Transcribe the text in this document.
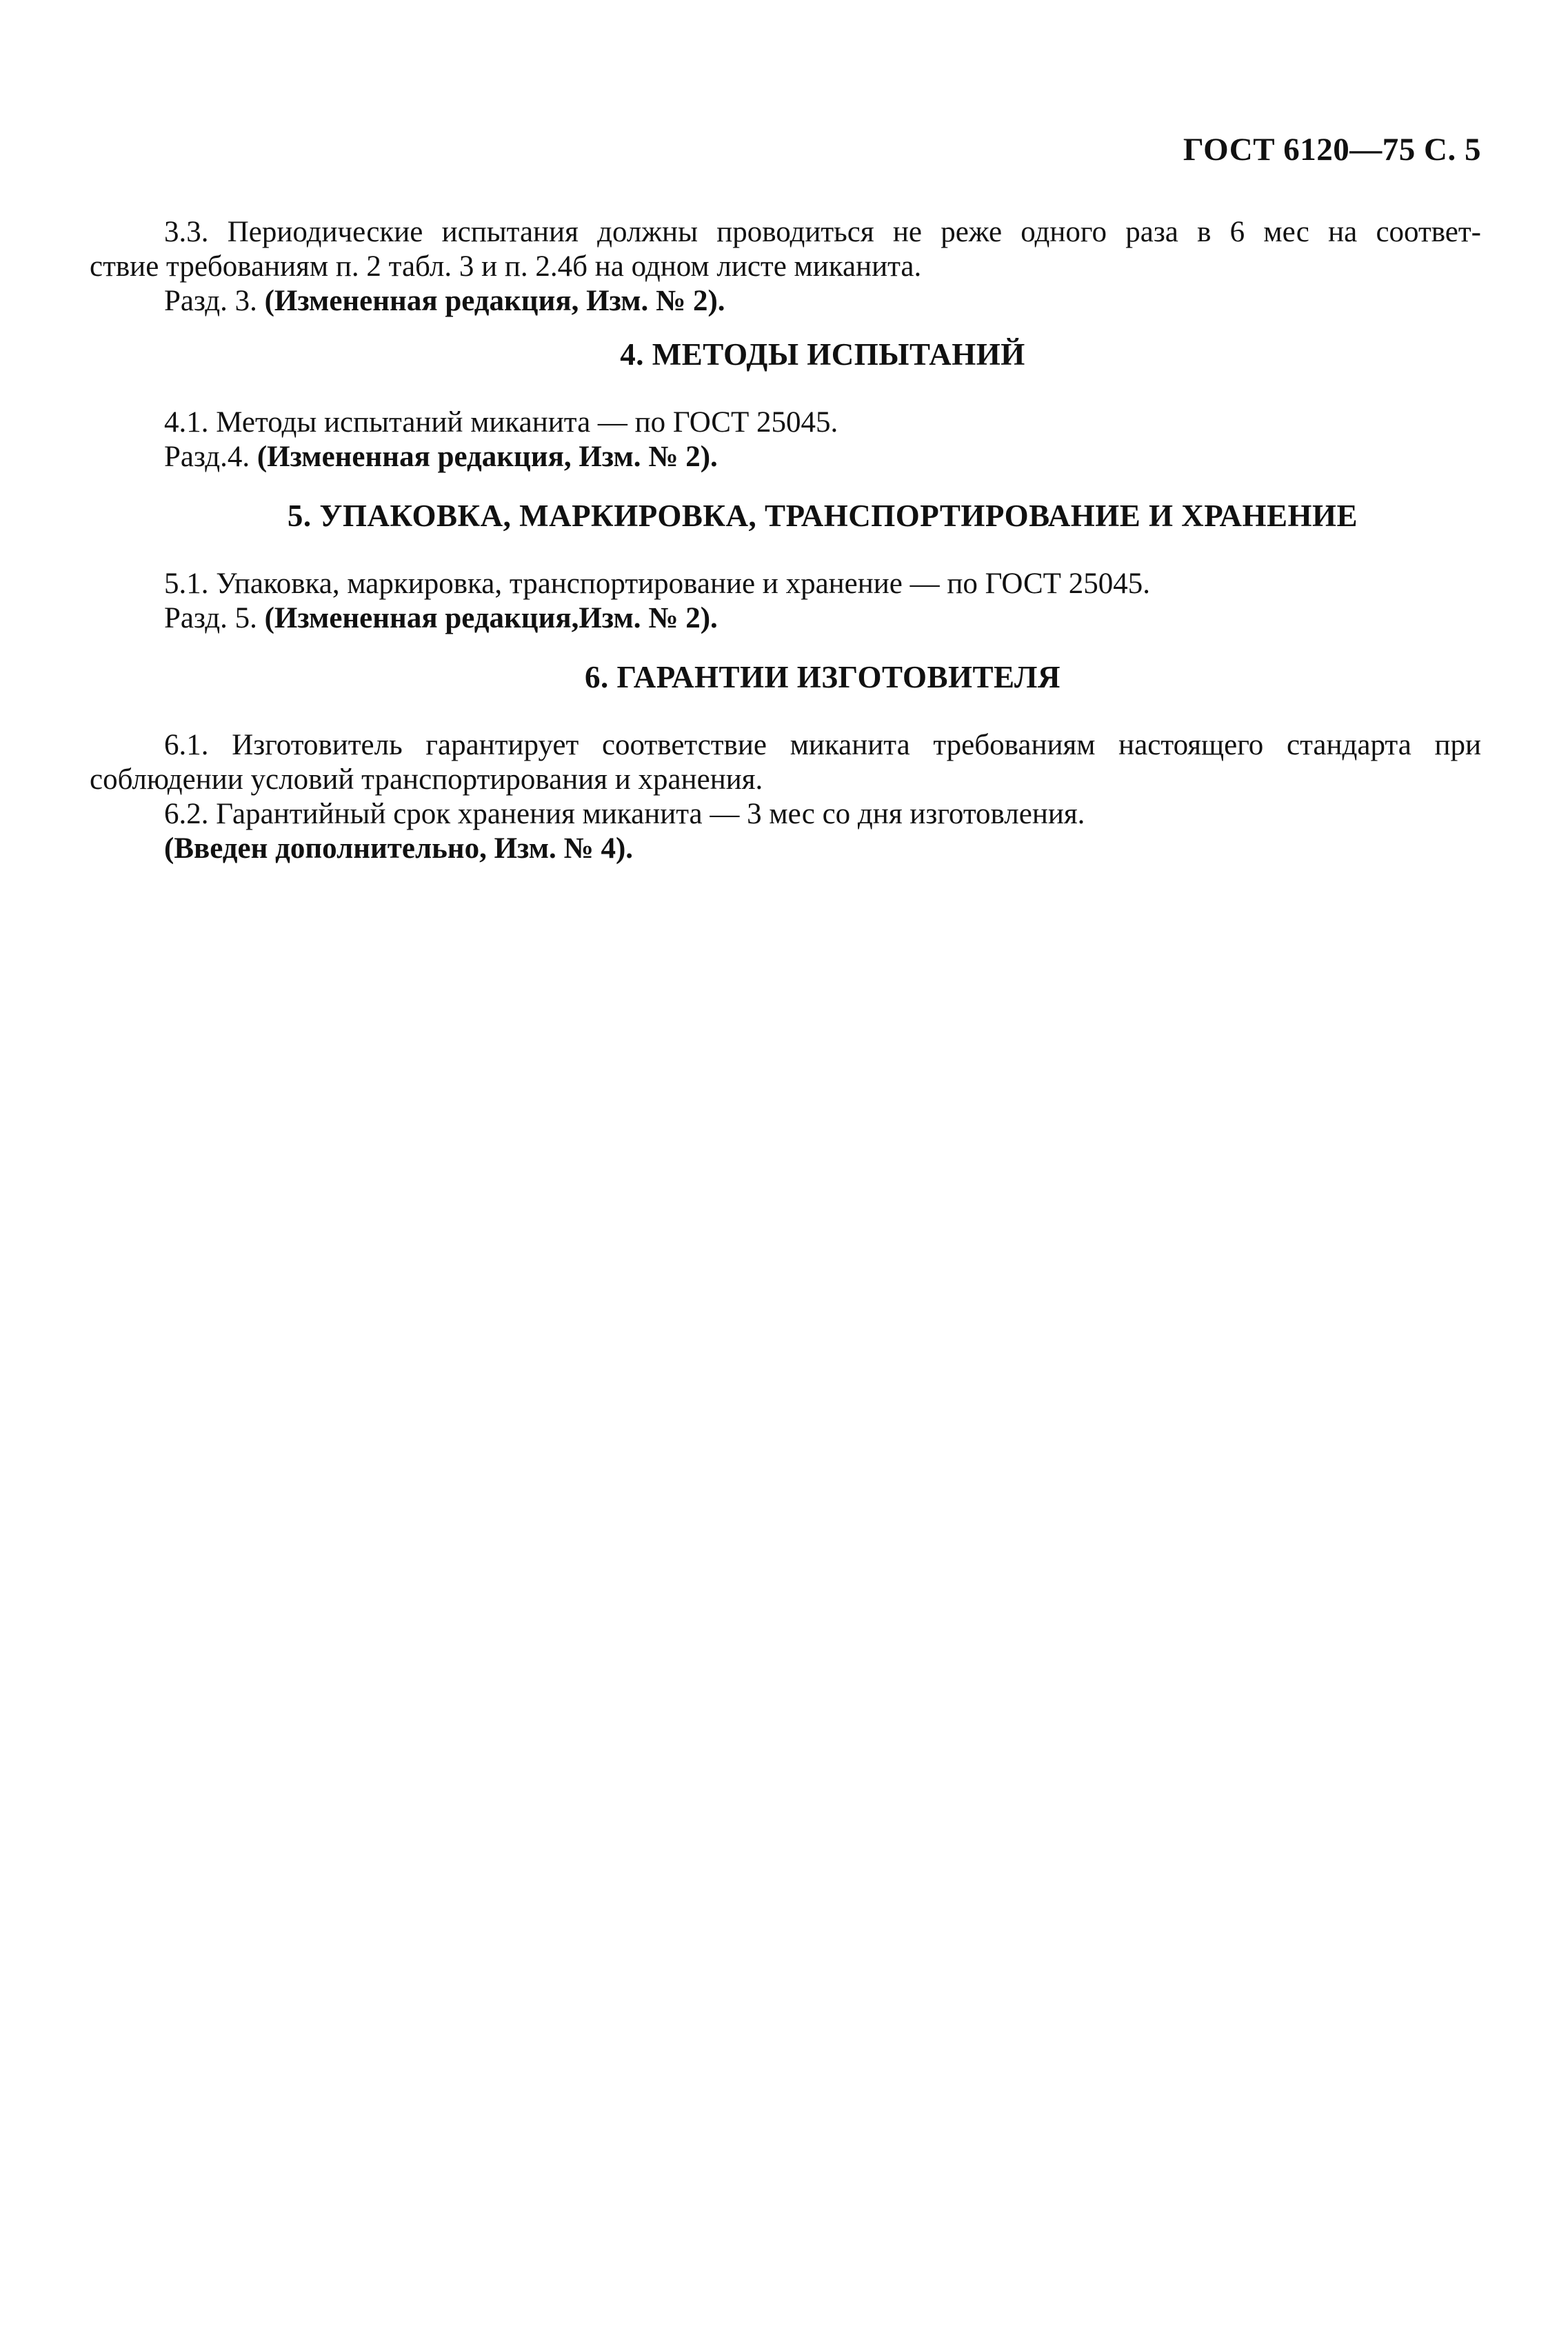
ГОСТ 6120—75 С. 5
3.3. Периодические испытания должны проводиться не реже одного раза в 6 мес на соответ-
ствие требованиям п. 2 табл. 3 и п. 2.4б на одном листе миканита.
Разд. 3. (Измененная редакция, Изм. № 2).
4. МЕТОДЫ ИСПЫТАНИЙ
4.1. Методы испытаний миканита — по ГОСТ 25045.
Разд.4. (Измененная редакция, Изм. № 2).
5. УПАКОВКА, МАРКИРОВКА, ТРАНСПОРТИРОВАНИЕ И ХРАНЕНИЕ
5.1. Упаковка, маркировка, транспортирование и хранение — по ГОСТ 25045.
Разд. 5. (Измененная редакция,Изм. № 2).
6. ГАРАНТИИ ИЗГОТОВИТЕЛЯ
6.1. Изготовитель гарантирует соответствие миканита требованиям настоящего стандарта при
соблюдении условий транспортирования и хранения.
6.2. Гарантийный срок хранения миканита — 3 мес со дня изготовления.
(Введен дополнительно, Изм. № 4).
